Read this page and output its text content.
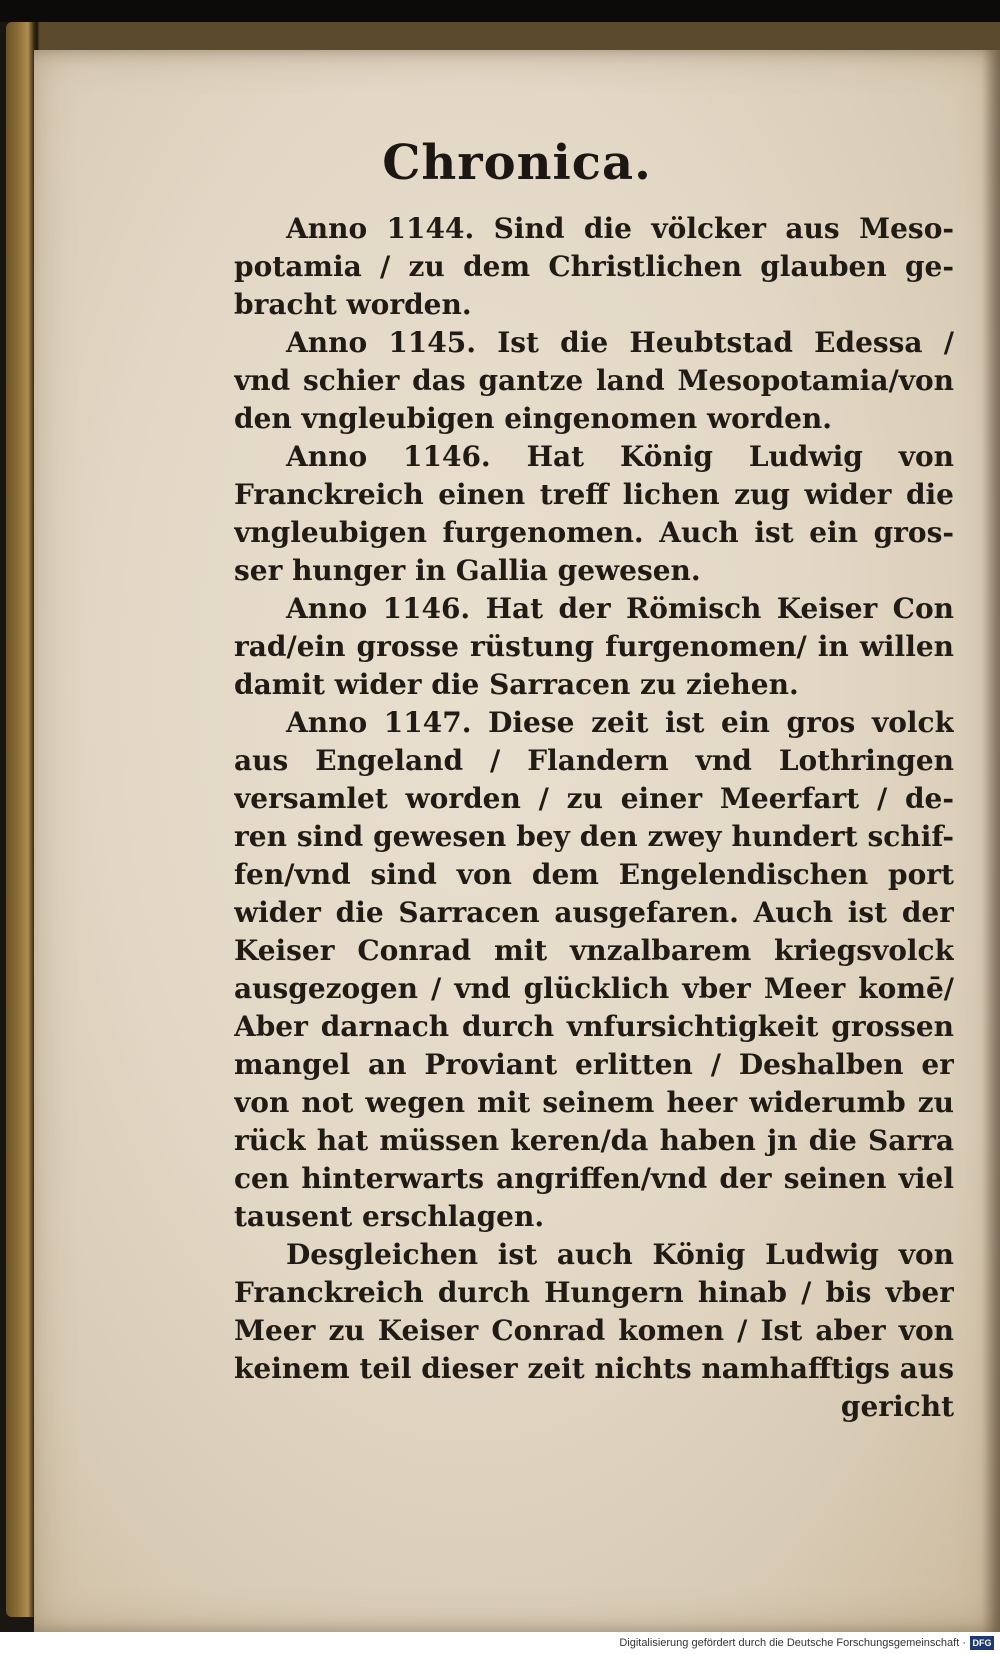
Chronica.
Anno 1144. Sind die völcker aus Meso-
potamia / zu dem Christlichen glauben ge-
bracht worden.
Anno 1145. Ist die Heubtstad Edessa /
vnd schier das gantze land Mesopotamia/von
den vngleubigen eingenomen worden.
Anno 1146. Hat König Ludwig von
Franckreich einen treff lichen zug wider die
vngleubigen furgenomen. Auch ist ein gros-
ser hunger in Gallia gewesen.
Anno 1146. Hat der Römisch Keiser Con
rad/ein grosse rüstung furgenomen/ in willen
damit wider die Sarracen zu ziehen.
Anno 1147. Diese zeit ist ein gros volck
aus Engeland / Flandern vnd Lothringen
versamlet worden / zu einer Meerfart / de-
ren sind gewesen bey den zwey hundert schif-
fen/vnd sind von dem Engelendischen port
wider die Sarracen ausgefaren. Auch ist der
Keiser Conrad mit vnzalbarem kriegsvolck
ausgezogen / vnd glücklich vber Meer komē/
Aber darnach durch vnfursichtigkeit grossen
mangel an Proviant erlitten / Deshalben er
von not wegen mit seinem heer widerumb zu
rück hat müssen keren/da haben jn die Sarra
cen hinterwarts angriffen/vnd der seinen viel
tausent erschlagen.
Desgleichen ist auch König Ludwig von
Franckreich durch Hungern hinab / bis vber
Meer zu Keiser Conrad komen / Ist aber von
keinem teil dieser zeit nichts namhafftigs aus
gericht
Digitalisierung gefördert durch die Deutsche Forschungsgemeinschaft · DFG
